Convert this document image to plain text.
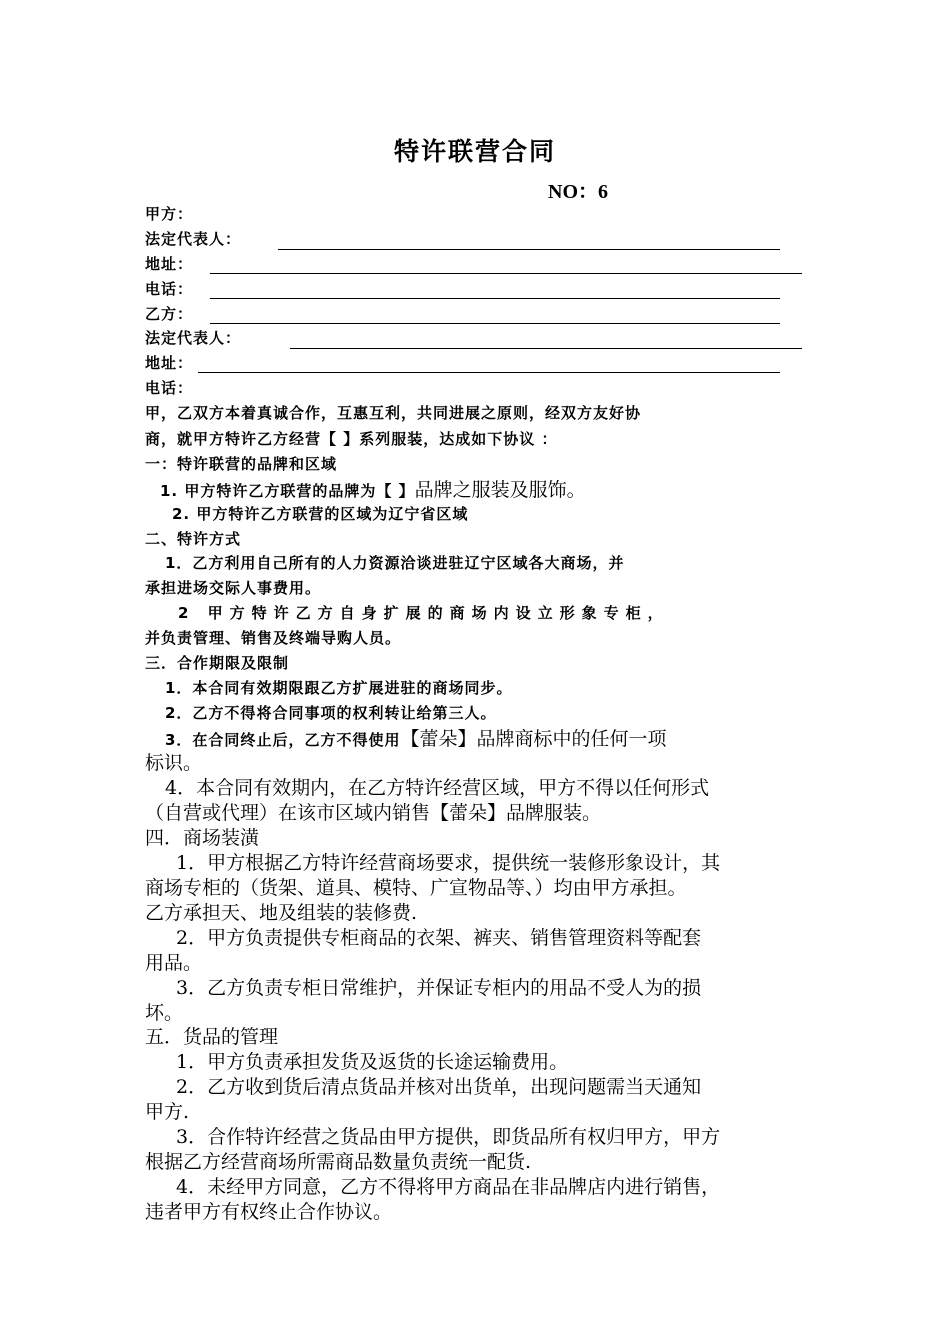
特许联营合同
NO：6
甲方：
法定代表人：
地址：
电话：
乙方：
法定代表人：
地址：
电话：
甲，乙双方本着真诚合作，互惠互利，共同进展之原则，经双方友好协
商，就甲方特许乙方经营【 】系列服装，达成如下协议 ：
一：特许联营的品牌和区域
1. 甲方特许乙方联营的品牌为【 】品牌之服装及服饰。
2. 甲方特许乙方联营的区域为辽宁省区域
二、特许方式
1．乙方利用自己所有的人力资源洽谈进驻辽宁区域各大商场，并
承担进场交际人事费用。
2 甲方特许乙方自身扩展的商场内设立形象专柜，
并负责管理、销售及终端导购人员。
三．合作期限及限制
1．本合同有效期限跟乙方扩展进驻的商场同步。
2．乙方不得将合同事项的权利转让给第三人。
3．在合同终止后，乙方不得使用【蕾朵】品牌商标中的任何一项
标识。
4．本合同有效期内，在乙方特许经营区域，甲方不得以任何形式
（自营或代理）在该市区域内销售【蕾朵】品牌服装。
四．商场装潢
1．甲方根据乙方特许经营商场要求，提供统一装修形象设计，其
商场专柜的（货架、道具、模特、广宣物品等、）均由甲方承担。
乙方承担天、地及组装的装修费.
2．甲方负责提供专柜商品的衣架、裤夹、销售管理资料等配套
用品。
3．乙方负责专柜日常维护，并保证专柜内的用品不受人为的损
坏。
五．货品的管理
1．甲方负责承担发货及返货的长途运输费用。
2．乙方收到货后清点货品并核对出货单，出现问题需当天通知
甲方.
3．合作特许经营之货品由甲方提供，即货品所有权归甲方，甲方
根据乙方经营商场所需商品数量负责统一配货.
4．未经甲方同意，乙方不得将甲方商品在非品牌店内进行销售，
违者甲方有权终止合作协议。
